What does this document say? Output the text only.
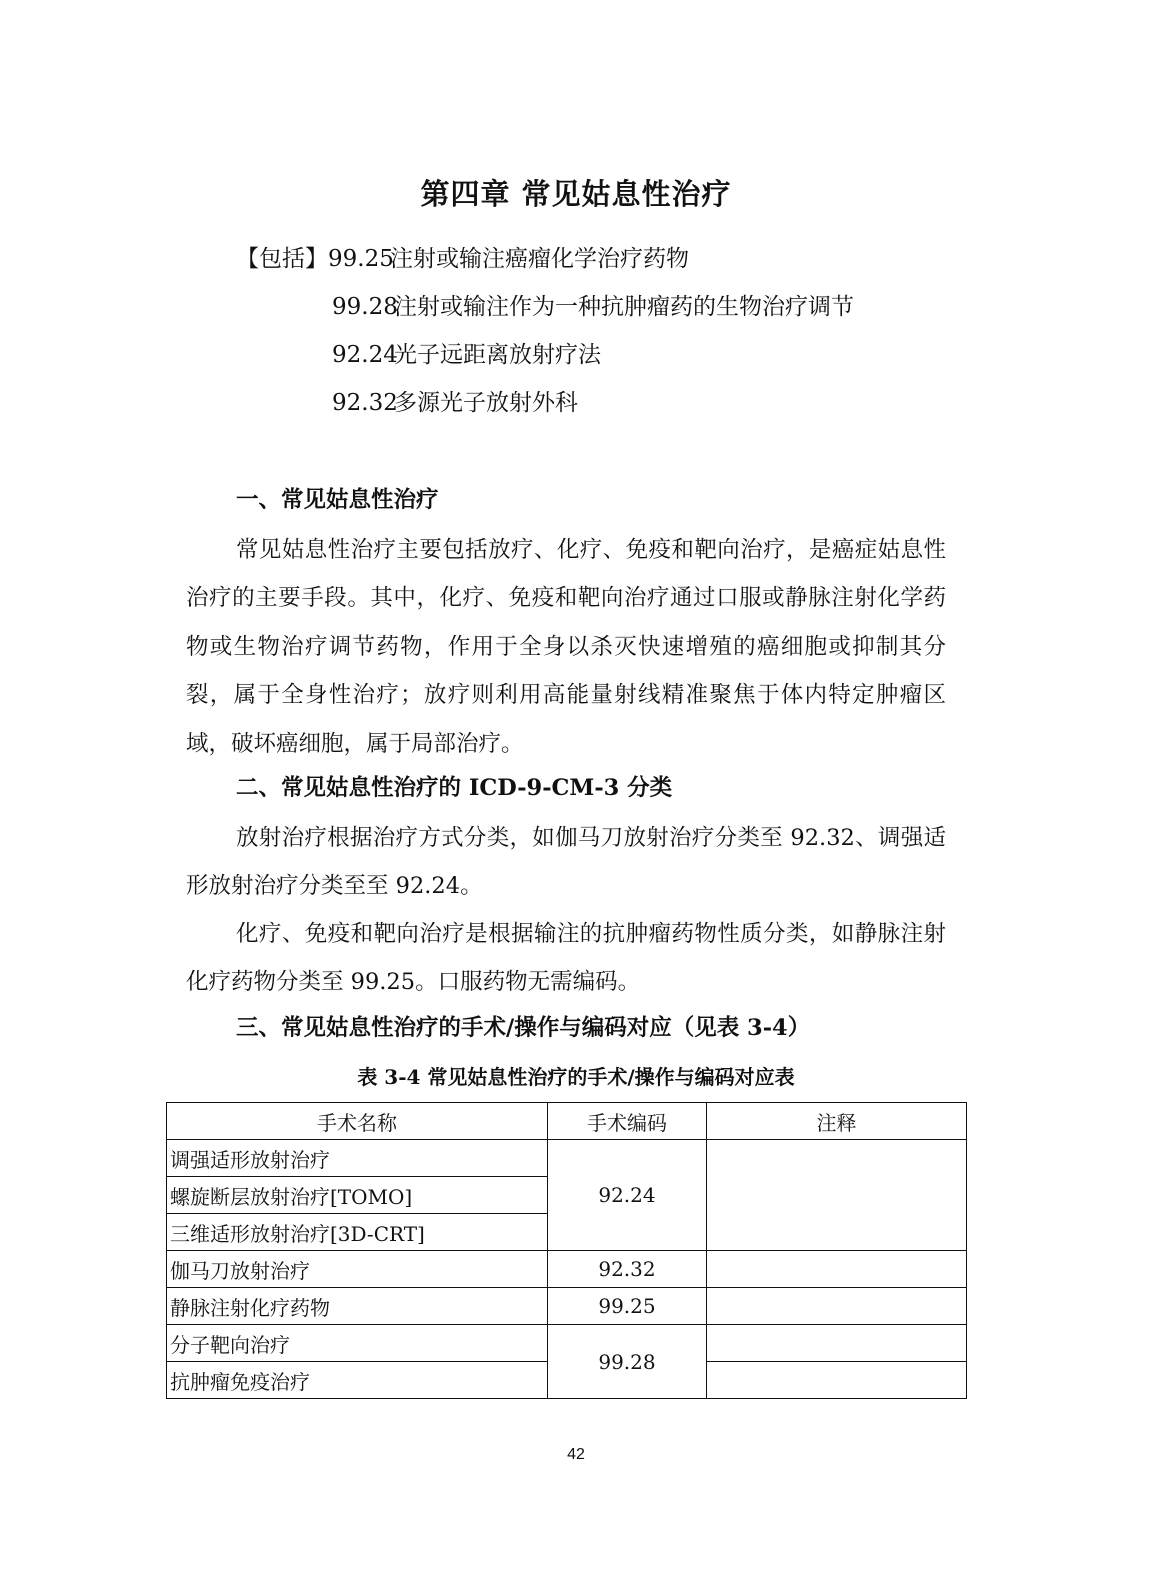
第四章 常见姑息性治疗
【包括】99.25注射或输注癌瘤化学治疗药物
99.28注射或输注作为一种抗肿瘤药的生物治疗调节
92.24光子远距离放射疗法
92.32多源光子放射外科
一、常见姑息性治疗
常见姑息性治疗主要包括放疗、化疗、免疫和靶向治疗，是癌症姑息性治疗的主要手段。其中，化疗、免疫和靶向治疗通过口服或静脉注射化学药物或生物治疗调节药物，作用于全身以杀灭快速增殖的癌细胞或抑制其分裂，属于全身性治疗；放疗则利用高能量射线精准聚焦于体内特定肿瘤区域，破坏癌细胞，属于局部治疗。
二、常见姑息性治疗的 ICD-9-CM-3 分类
放射治疗根据治疗方式分类，如伽马刀放射治疗分类至 92.32、调强适形放射治疗分类至至 92.24。
化疗、免疫和靶向治疗是根据输注的抗肿瘤药物性质分类，如静脉注射化疗药物分类至 99.25。口服药物无需编码。
三、常见姑息性治疗的手术/操作与编码对应（见表 3-4）
表 3-4 常见姑息性治疗的手术/操作与编码对应表
手术名称	手术编码	注释
调强适形放射治疗	92.24	
螺旋断层放射治疗[TOMO]		
三维适形放射治疗[3D-CRT]		
伽马刀放射治疗	92.32	
静脉注射化疗药物	99.25	
分子靶向治疗	99.28	
抗肿瘤免疫治疗		
42
